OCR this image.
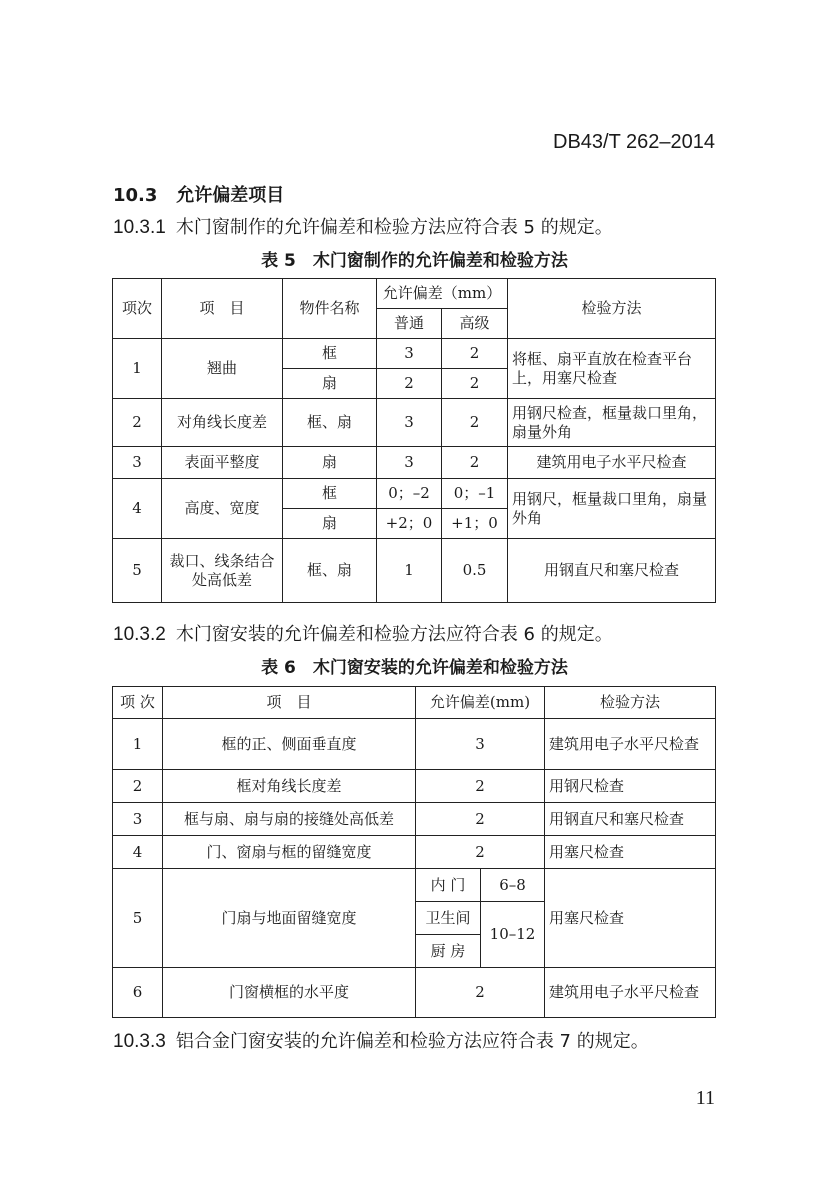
DB43/T 262–2014
10.3 允许偏差项目
10.3.1 木门窗制作的允许偏差和检验方法应符合表 5 的规定。
表 5　木门窗制作的允许偏差和检验方法
项次	项　目	物件名称	允许偏差（mm）		检验方法
			普通	高级	
1	翘曲	框	3	2	将框、扇平直放在检查平台上，用塞尺检查
		扇	2	2	
2	对角线长度差	框、扇	3	2	用钢尺检查，框量裁口里角，扇量外角
3	表面平整度	扇	3	2	建筑用电子水平尺检查
4	高度、宽度	框	0；–2	0；–1	用钢尺，框量裁口里角，扇量外角
		扇	+2；0	+1；0	
5	裁口、线条结合处高低差	框、扇	1	0.5	用钢直尺和塞尺检查
10.3.2 木门窗安装的允许偏差和检验方法应符合表 6 的规定。
表 6　木门窗安装的允许偏差和检验方法
项 次	项　目	允许偏差(mm)		检验方法
1	框的正、侧面垂直度	3		建筑用电子水平尺检查
2	框对角线长度差	2		用钢尺检查
3	框与扇、扇与扇的接缝处高低差	2		用钢直尺和塞尺检查
4	门、窗扇与框的留缝宽度	2		用塞尺检查
5	门扇与地面留缝宽度	内 门	6–8	用塞尺检查
		卫生间	10–12	
		厨 房		
6	门窗横框的水平度	2		建筑用电子水平尺检查
10.3.3 铝合金门窗安装的允许偏差和检验方法应符合表 7 的规定。
11
